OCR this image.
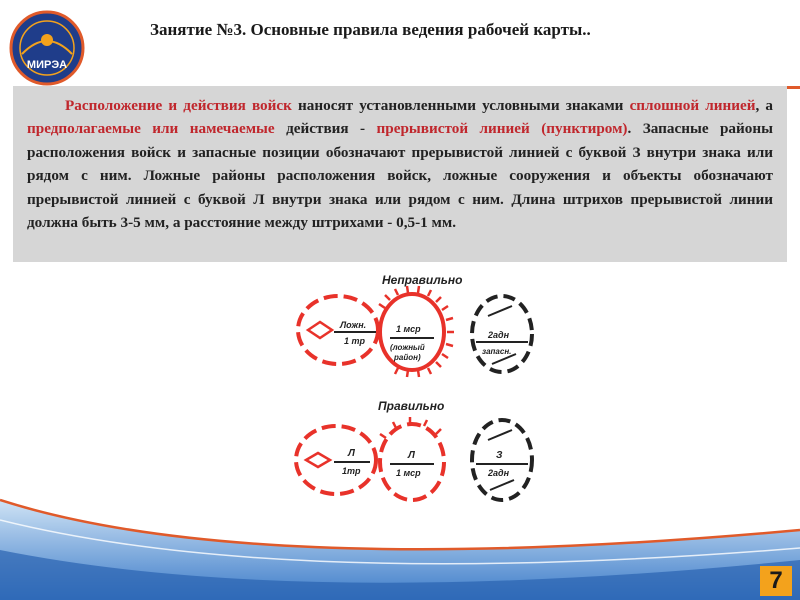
МИРЭА
Занятие №3. Основные правила ведения рабочей карты..

Расположение и действия войск наносят установленными условными знаками сплошной линией, а предполагаемые или намечаемые действия - прерывистой линией (пунктиром). Запасные районы расположения войск и запасные позиции обозначают прерывистой линией с буквой З внутри знака или рядом с ним. Ложные районы расположения войск, ложные сооружения и объекты обозначают прерывистой линией с буквой Л внутри знака или рядом с ним. Длина штрихов прерывистой линии должна быть 3-5 мм, а расстояние между штрихами - 0,5-1 мм.

Неправильно
Ложн.
1 тр
1 мср
(ложный
район)
2адн
запасн.
Правильно
Л
1тр
Л
1 мср
З
2адн
7
